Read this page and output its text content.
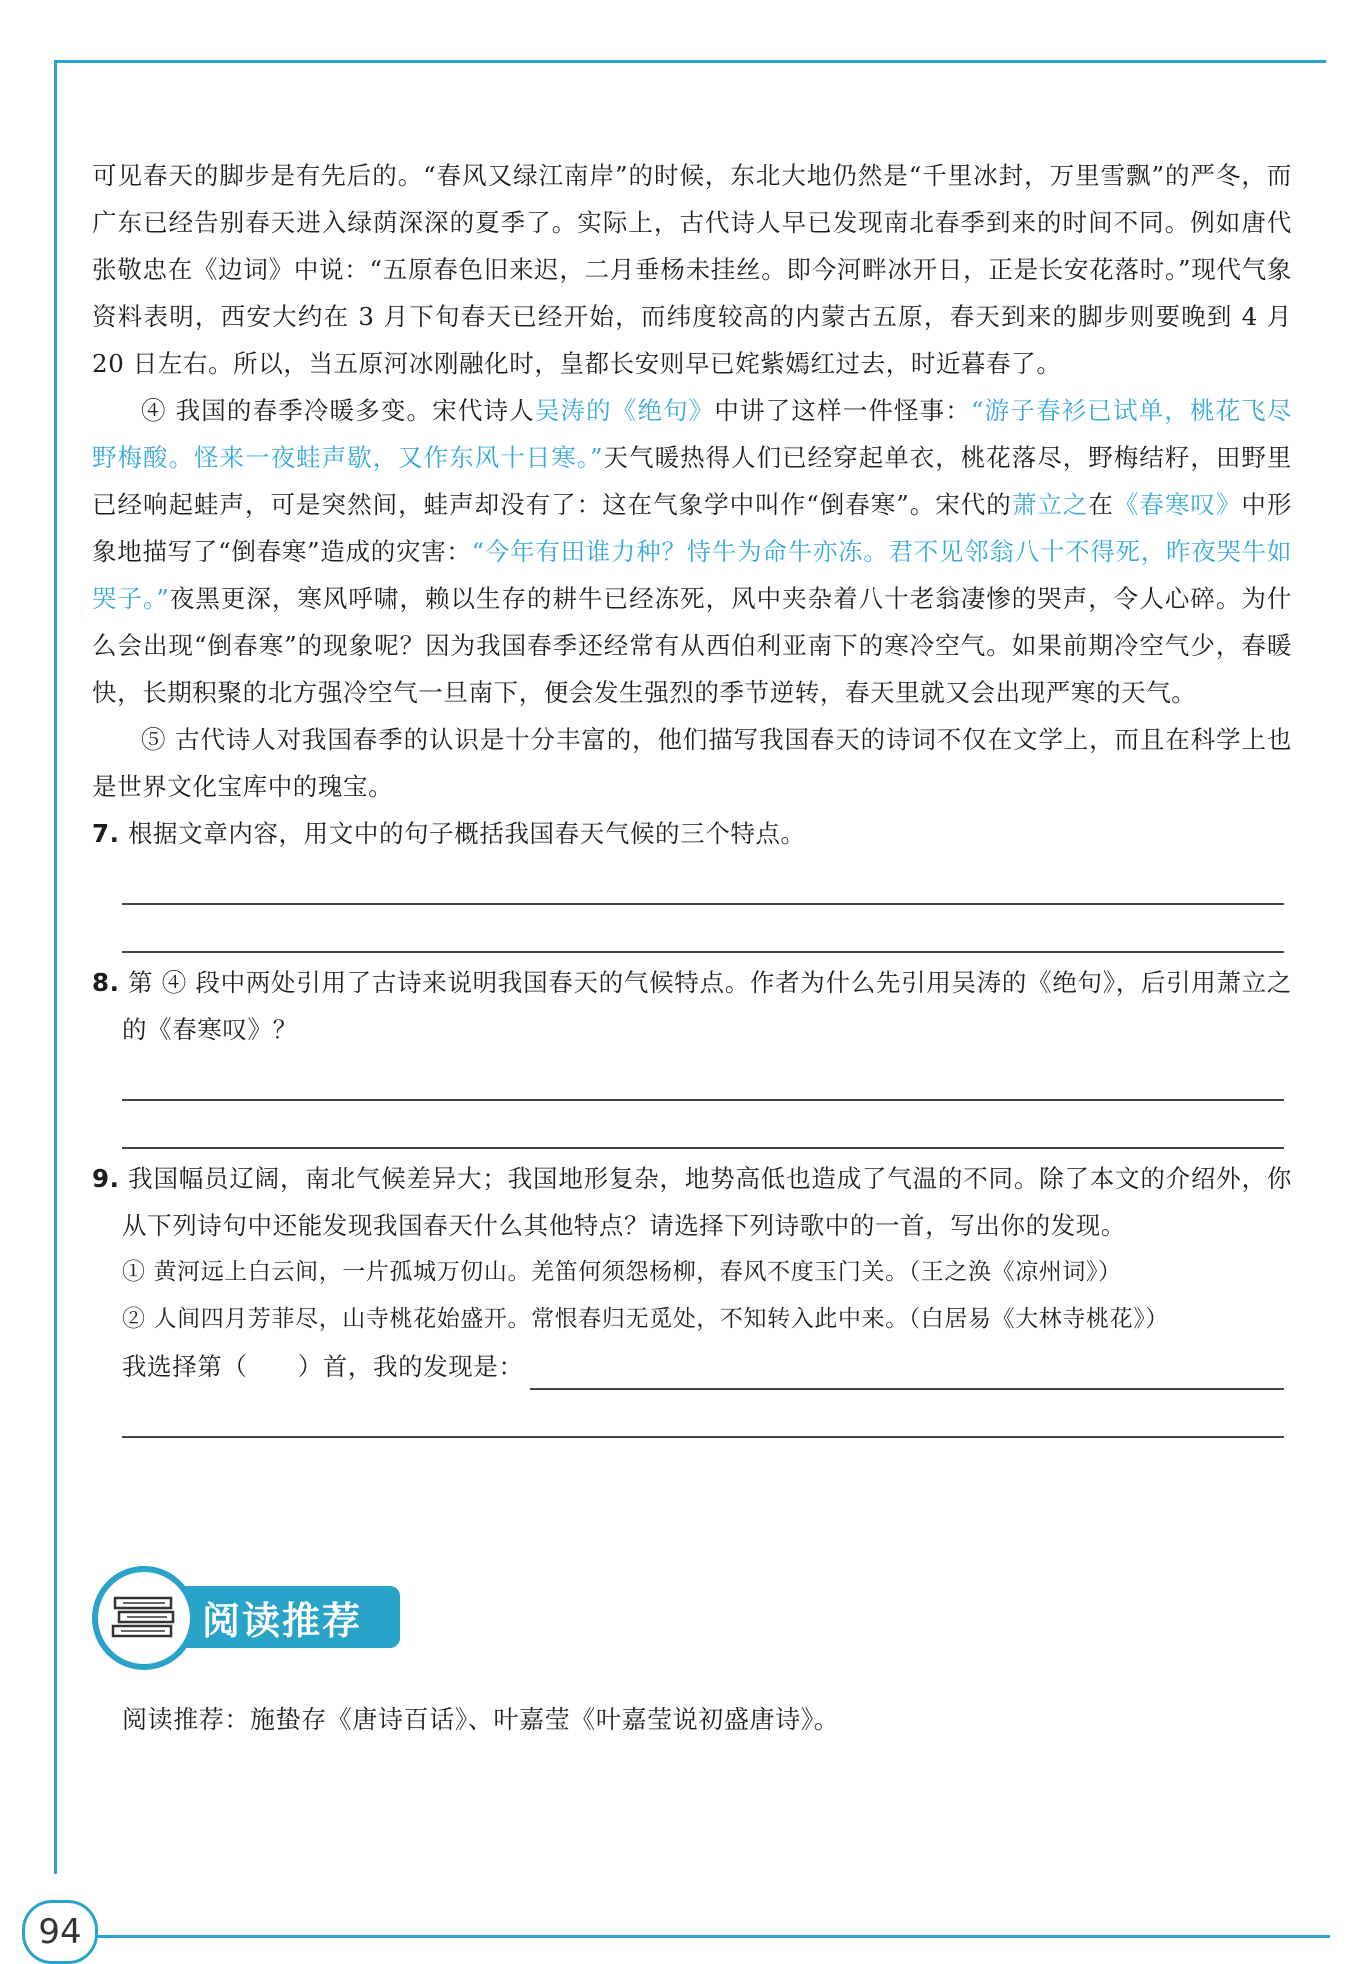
94

可见春天的脚步是有先后的。“春风又绿江南岸”的时候，东北大地仍然是“千里冰封，万里雪飘”的严冬，而广东已经告别春天进入绿荫深深的夏季了。实际上，古代诗人早已发现南北春季到来的时间不同。例如唐代张敬忠在《边词》中说：“五原春色旧来迟，二月垂杨未挂丝。即今河畔冰开日，正是长安花落时。”现代气象资料表明，西安大约在 3 月下旬春天已经开始，而纬度较高的内蒙古五原，春天到来的脚步则要晚到 4 月 20 日左右。所以，当五原河冰刚融化时，皇都长安则早已姹紫嫣红过去，时近暮春了。

④ 我国的春季冷暖多变。宋代诗人吴涛的《绝句》中讲了这样一件怪事：“游子春衫已试单，桃花飞尽野梅酸。怪来一夜蛙声歇，又作东风十日寒。”天气暖热得人们已经穿起单衣，桃花落尽，野梅结籽，田野里已经响起蛙声，可是突然间，蛙声却没有了：这在气象学中叫作“倒春寒”。宋代的萧立之在《春寒叹》中形象地描写了“倒春寒”造成的灾害：“今年有田谁力种？恃牛为命牛亦冻。君不见邻翁八十不得死，昨夜哭牛如哭子。”夜黑更深，寒风呼啸，赖以生存的耕牛已经冻死，风中夹杂着八十老翁凄惨的哭声，令人心碎。为什么会出现“倒春寒”的现象呢？因为我国春季还经常有从西伯利亚南下的寒冷空气。如果前期冷空气少，春暖快，长期积聚的北方强冷空气一旦南下，便会发生强烈的季节逆转，春天里就又会出现严寒的天气。

⑤ 古代诗人对我国春季的认识是十分丰富的，他们描写我国春天的诗词不仅在文学上，而且在科学上也是世界文化宝库中的瑰宝。

7. 根据文章内容，用文中的句子概括我国春天气候的三个特点。

8. 第 ④ 段中两处引用了古诗来说明我国春天的气候特点。作者为什么先引用吴涛的《绝句》，后引用萧立之的《春寒叹》？

9. 我国幅员辽阔，南北气候差异大；我国地形复杂，地势高低也造成了气温的不同。除了本文的介绍外，你从下列诗句中还能发现我国春天什么其他特点？请选择下列诗歌中的一首，写出你的发现。

① 黄河远上白云间，一片孤城万仞山。羌笛何须怨杨柳，春风不度玉门关。（王之涣《凉州词》）

② 人间四月芳菲尽，山寺桃花始盛开。常恨春归无觅处，不知转入此中来。（白居易《大林寺桃花》）

我选择第（　　）首，我的发现是：
阅读推荐

阅读推荐：施蛰存《唐诗百话》、叶嘉莹《叶嘉莹说初盛唐诗》。
